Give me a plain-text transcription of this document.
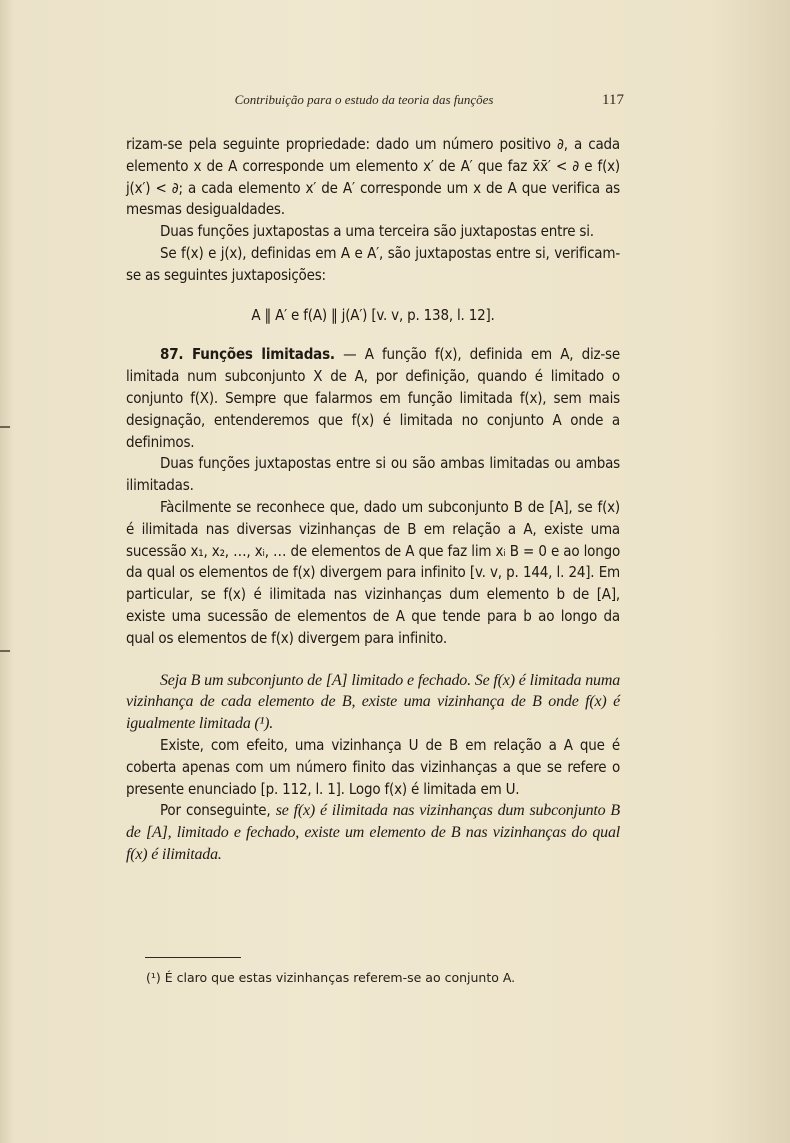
Contribuição para o estudo da teoria das funções	117

rizam-se pela seguinte propriedade: dado um número positivo ∂, a cada elemento x de A corresponde um elemento x′ de A′ que faz x̄x̄′ < ∂ e f(x) j(x′) < ∂; a cada elemento x′ de A′ corresponde um x de A que verifica as mesmas desigualdades.

Duas funções juxtapostas a uma terceira são juxtapostas entre si.

Se f(x) e j(x), definidas em A e A′, são juxtapostas entre si, verificam-se as seguintes juxtaposições:

A ‖ A′ e f(A) ‖ j(A′) [v. v, p. 138, l. 12].

87. Funções limitadas. — A função f(x), definida em A, diz-se limitada num subconjunto X de A, por definição, quando é limitado o conjunto f(X). Sempre que falarmos em função limitada f(x), sem mais designação, entenderemos que f(x) é limitada no conjunto A onde a definimos.

Duas funções juxtapostas entre si ou são ambas limitadas ou ambas ilimitadas.

Fàcilmente se reconhece que, dado um subconjunto B de [A], se f(x) é ilimitada nas diversas vizinhanças de B em relação a A, existe uma sucessão x₁, x₂, …, xᵢ, … de elementos de A que faz lim xᵢ B = 0 e ao longo da qual os elementos de f(x) divergem para infinito [v. v, p. 144, l. 24]. Em particular, se f(x) é ilimitada nas vizinhanças dum elemento b de [A], existe uma sucessão de elementos de A que tende para b ao longo da qual os elementos de f(x) divergem para infinito.

Seja B um subconjunto de [A] limitado e fechado. Se f(x) é limitada numa vizinhança de cada elemento de B, existe uma vizinhança de B onde f(x) é igualmente limitada (¹).

Existe, com efeito, uma vizinhança U de B em relação a A que é coberta apenas com um número finito das vizinhanças a que se refere o presente enunciado [p. 112, l. 1]. Logo f(x) é limitada em U.

Por conseguinte, se f(x) é ilimitada nas vizinhanças dum subconjunto B de [A], limitado e fechado, existe um elemento de B nas vizinhanças do qual f(x) é ilimitada.

(¹) É claro que estas vizinhanças referem-se ao conjunto A.
